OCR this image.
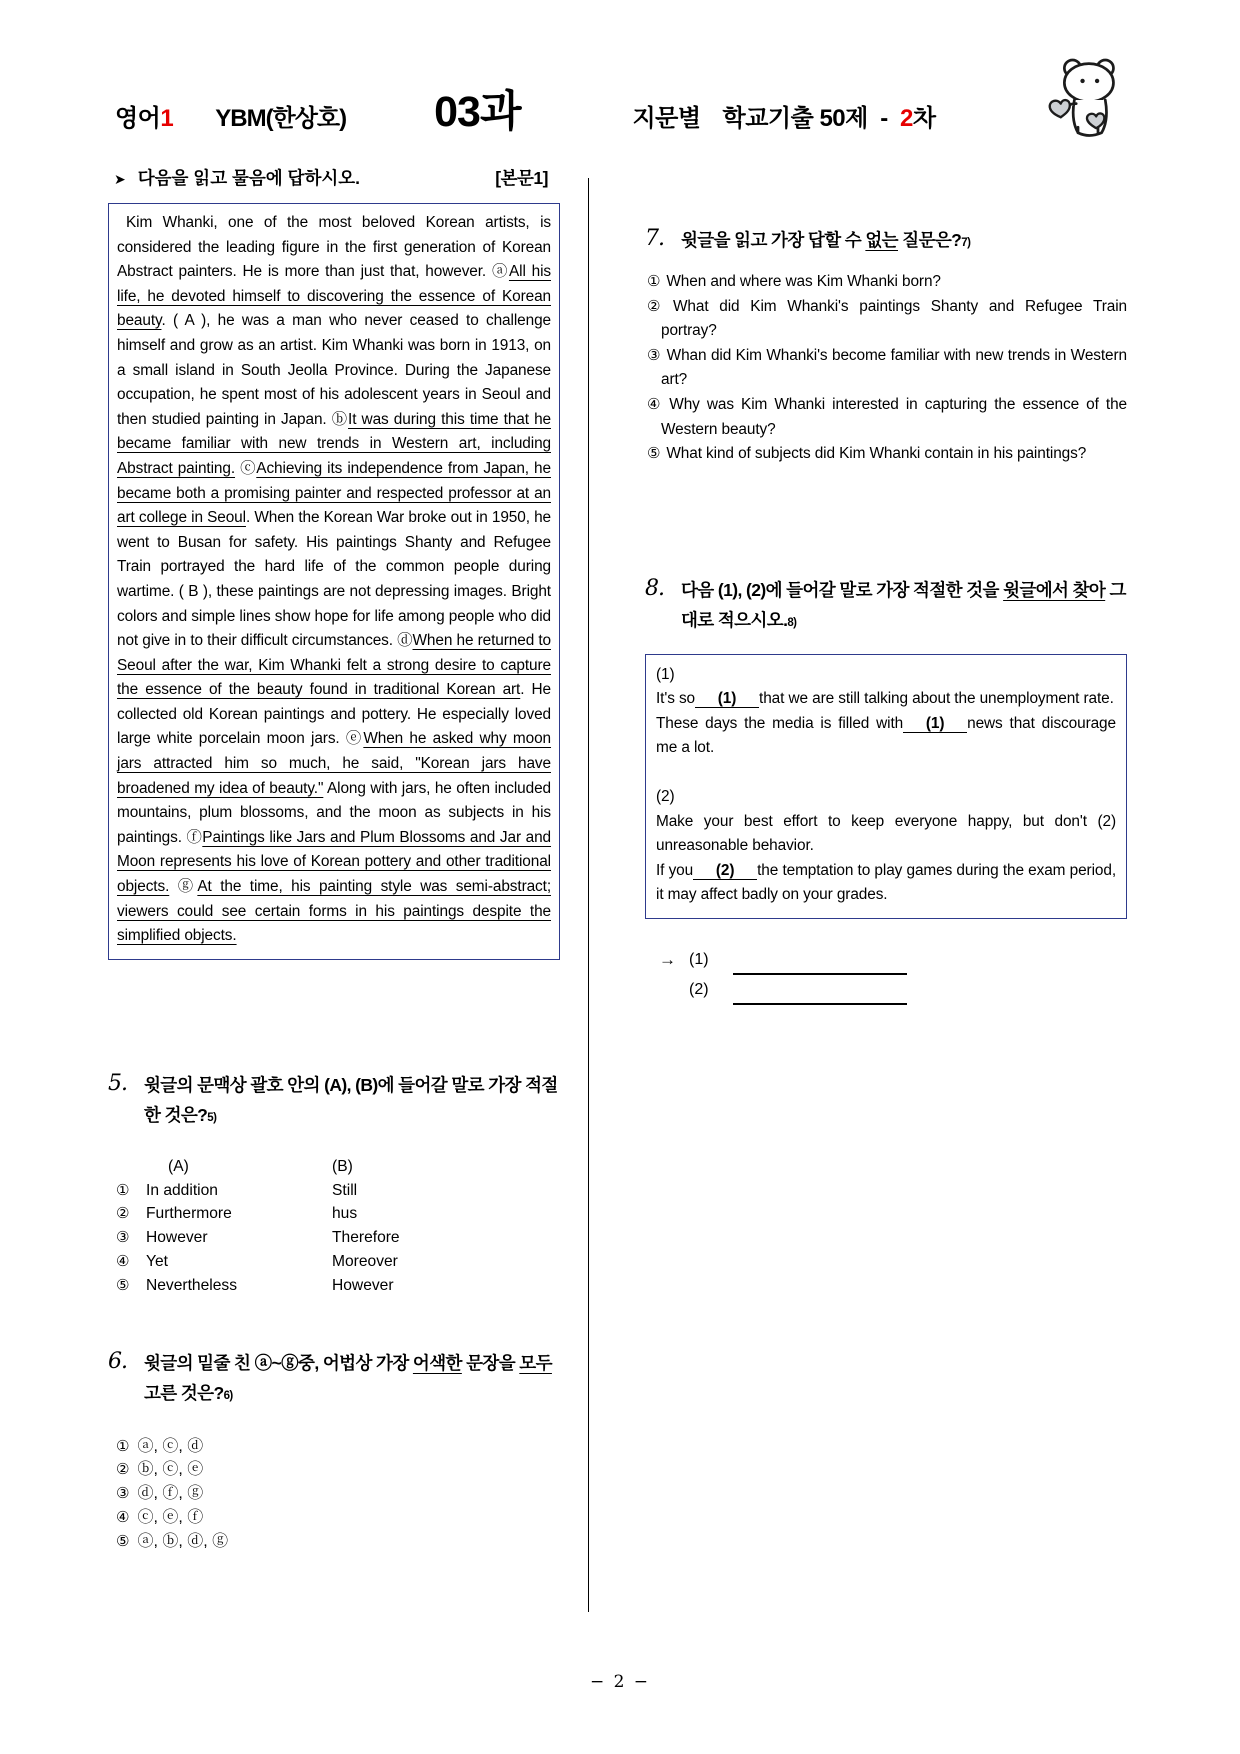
영어1 YBM(한상호) 03과	지문별 학교기출 50제 - 2차
➤ 다음을 읽고 물음에 답하시오.	[본문1]
Kim Whanki, one of the most beloved Korean artists, is considered the leading figure in the first generation of Korean Abstract painters. He is more than just that, however. ⓐAll his life, he devoted himself to discovering the essence of Korean beauty. ( A ), he was a man who never ceased to challenge himself and grow as an artist. Kim Whanki was born in 1913, on a small island in South Jeolla Province. During the Japanese occupation, he spent most of his adolescent years in Seoul and then studied painting in Japan. ⓑIt was during this time that he became familiar with new trends in Western art, including Abstract painting. ⓒAchieving its independence from Japan, he became both a promising painter and respected professor at an art college in Seoul. When the Korean War broke out in 1950, he went to Busan for safety. His paintings Shanty and Refugee Train portrayed the hard life of the common people during wartime. ( B ), these paintings are not depressing images. Bright colors and simple lines show hope for life among people who did not give in to their difficult circumstances. ⓓWhen he returned to Seoul after the war, Kim Whanki felt a strong desire to capture the essence of the beauty found in traditional Korean art. He collected old Korean paintings and pottery. He especially loved large white porcelain moon jars. ⓔWhen he asked why moon jars attracted him so much, he said, "Korean jars have broadened my idea of beauty." Along with jars, he often included mountains, plum blossoms, and the moon as subjects in his paintings. ⓕPaintings like Jars and Plum Blossoms and Jar and Moon represents his love of Korean pottery and other traditional objects. ⓖAt the time, his painting style was semi-abstract; viewers could see certain forms in his paintings despite the simplified objects.
5. 윗글의 문맥상 괄호 안의 (A), (B)에 들어갈 말로 가장 적절한 것은?5)
(A)	(B)
①	In addition	Still
②	Furthermore	hus
③	However	Therefore
④	Yet	Moreover
⑤	Nevertheless	However
6. 윗글의 밑줄 친 ⓐ~ⓖ중, 어법상 가장 어색한 문장을 모두 고른 것은?6)
① ⓐ, ⓒ, ⓓ
② ⓑ, ⓒ, ⓔ
③ ⓓ, ⓕ, ⓖ
④ ⓒ, ⓔ, ⓕ
⑤ ⓐ, ⓑ, ⓓ, ⓖ
7. 윗글을 읽고 가장 답할 수 없는 질문은?7)
① When and where was Kim Whanki born?
② What did Kim Whanki's paintings Shanty and Refugee Train portray?
③ Whan did Kim Whanki's become familiar with new trends in Western art?
④ Why was Kim Whanki interested in capturing the essence of the Western beauty?
⑤ What kind of subjects did Kim Whanki contain in his paintings?
8. 다음 (1), (2)에 들어갈 말로 가장 적절한 것을 윗글에서 찾아 그대로 적으시오.8)
(1)
It's so (1) that we are still talking about the unemployment rate.
These days the media is filled with (1) news that discourage me a lot.
(2)
Make your best effort to keep everyone happy, but don't (2) unreasonable behavior.
If you (2) the temptation to play games during the exam period, it may affect badly on your grades.
→ (1)
(2)
− 2 −
